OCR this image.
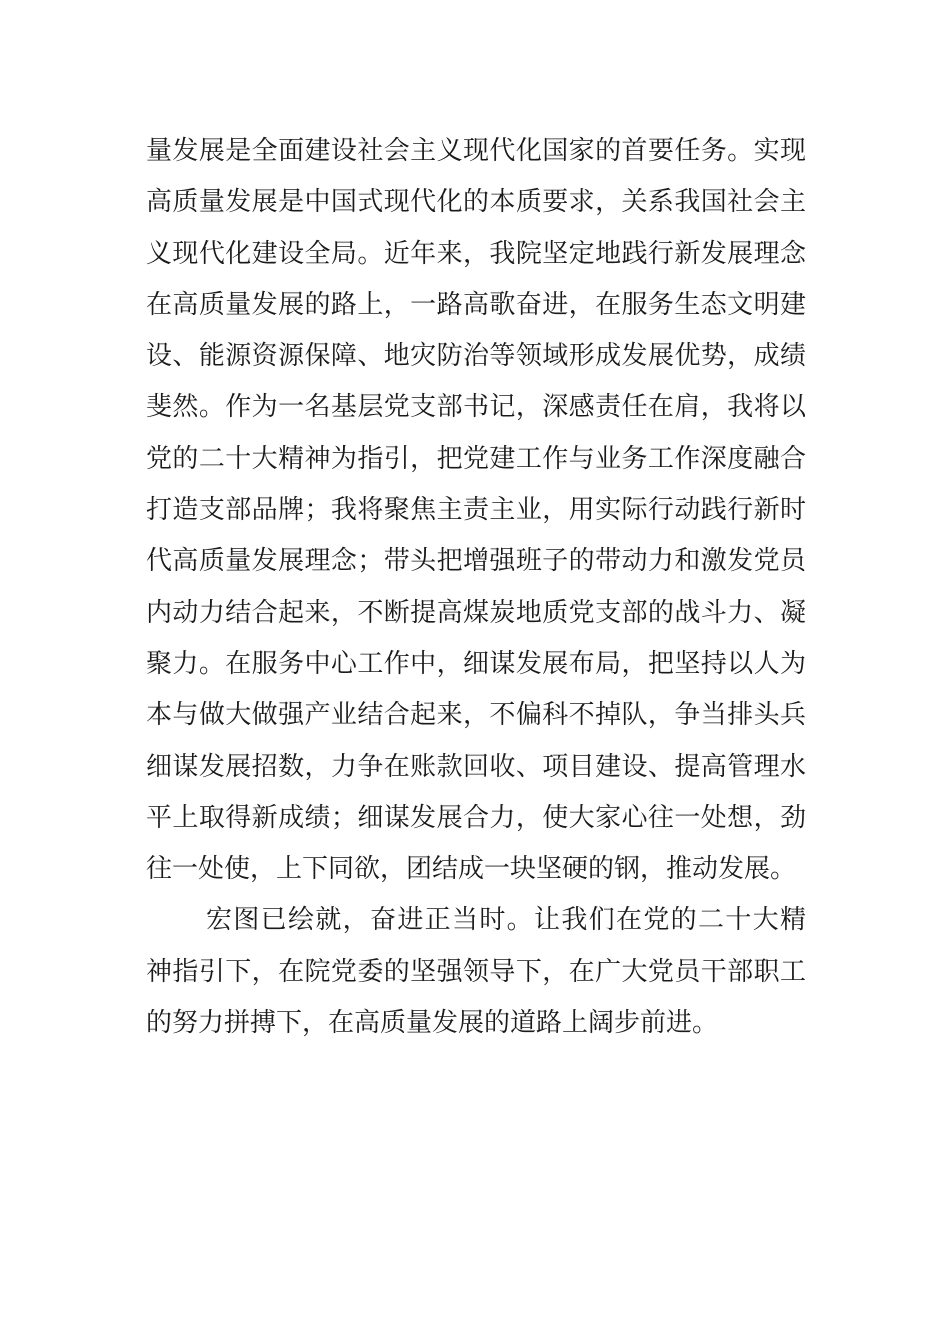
量发展是全面建设社会主义现代化国家的首要任务。实现
高质量发展是中国式现代化的本质要求，关系我国社会主
义现代化建设全局。近年来，我院坚定地践行新发展理念
在高质量发展的路上，一路高歌奋进，在服务生态文明建
设、能源资源保障、地灾防治等领域形成发展优势，成绩
斐然。作为一名基层党支部书记，深感责任在肩，我将以
党的二十大精神为指引，把党建工作与业务工作深度融合
打造支部品牌；我将聚焦主责主业，用实际行动践行新时
代高质量发展理念；带头把增强班子的带动力和激发党员
内动力结合起来，不断提高煤炭地质党支部的战斗力、凝
聚力。在服务中心工作中，细谋发展布局，把坚持以人为
本与做大做强产业结合起来，不偏科不掉队，争当排头兵
细谋发展招数，力争在账款回收、项目建设、提高管理水
平上取得新成绩；细谋发展合力，使大家心往一处想，劲
往一处使，上下同欲，团结成一块坚硬的钢，推动发展。
宏图已绘就，奋进正当时。让我们在党的二十大精
神指引下，在院党委的坚强领导下，在广大党员干部职工
的努力拼搏下，在高质量发展的道路上阔步前进。
